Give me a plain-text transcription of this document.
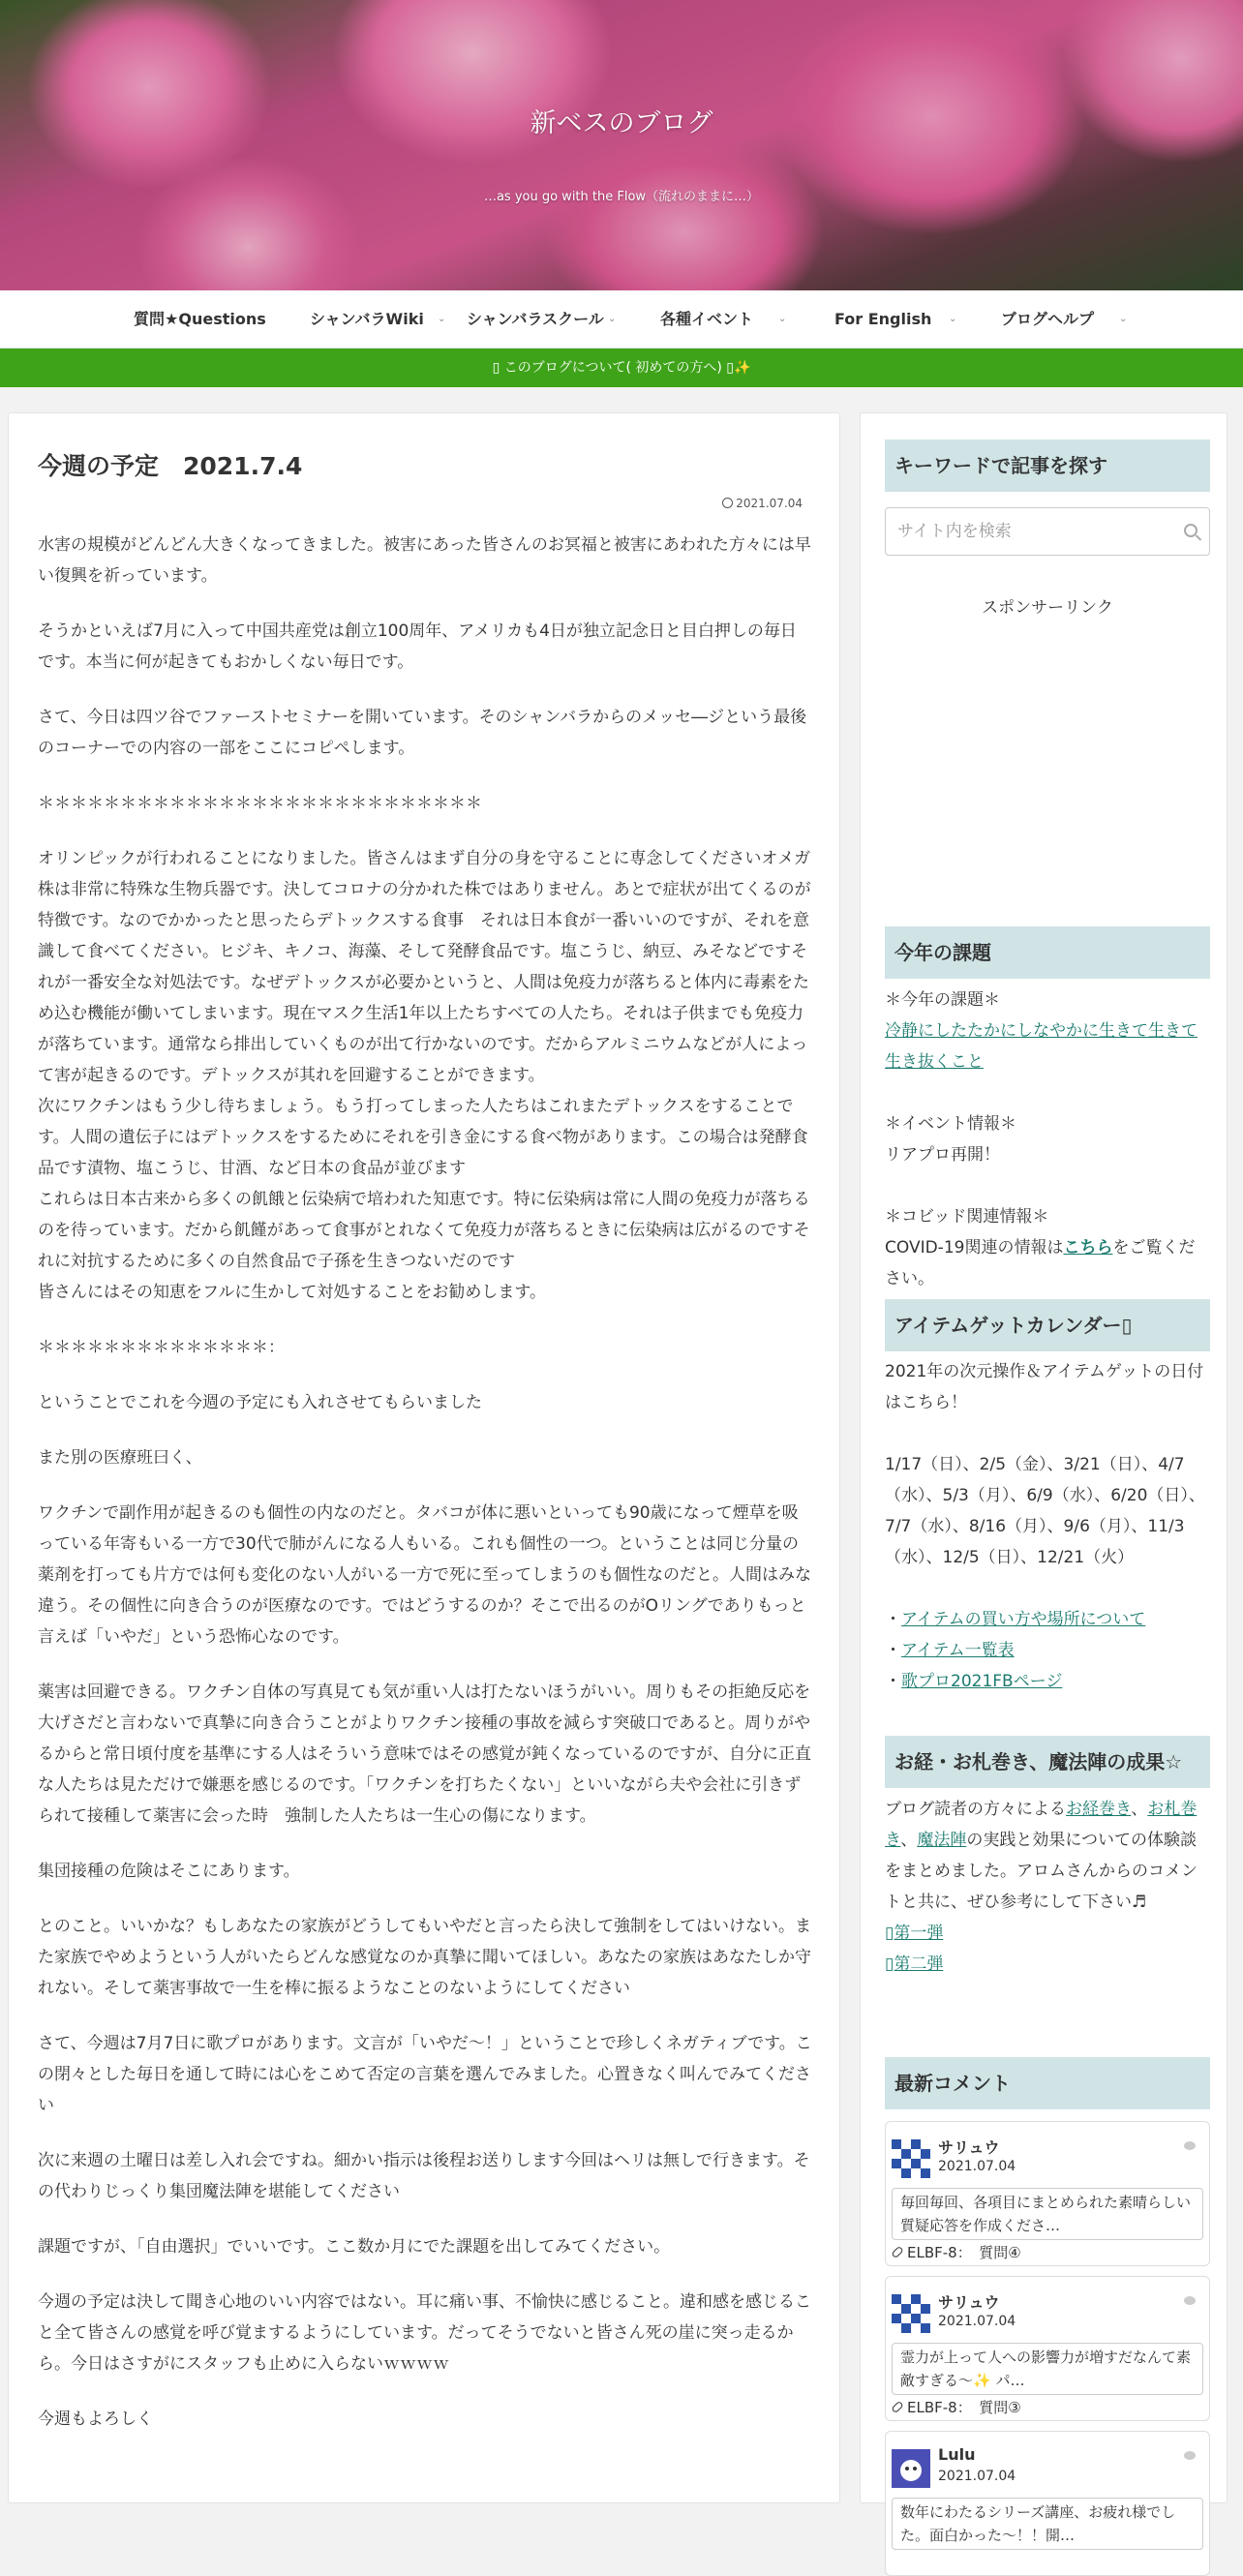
新ベスのブログ
…as you go with the Flow（流れのままに…）
質問★Questions	シャンバラWiki ⌄ シャンバラスクール ⌄	各種イベント	⌄	For English ⌄	ブログヘルプ	⌄
▯ このブログについて( 初めての方へ) ▯✨
今週の予定　2021.7.4
2021.07.04

水害の規模がどんどん大きくなってきました。被害にあった皆さんのお冥福と被害にあわれた方々には早い復興を祈っています。

そうかといえば7月に入って中国共産党は創立100周年、アメリカも4日が独立記念日と目白押しの毎日です。本当に何が起きてもおかしくない毎日です。

さて、今日は四ツ谷でファーストセミナーを開いています。そのシャンバラからのメッセ―ジという最後のコーナーでの内容の一部をここにコピペします。

＊＊＊＊＊＊＊＊＊＊＊＊＊＊＊＊＊＊＊＊＊＊＊＊＊＊＊

オリンピックが行われることになりました。皆さんはまず自分の身を守ることに専念してくださいオメガ株は非常に特殊な生物兵器です。決してコロナの分かれた株ではありません。あとで症状が出てくるのが特徴です。なのでかかったと思ったらデトックスする食事　それは日本食が一番いいのですが、それを意識して食べてください。ヒジキ、キノコ、海藻、そして発酵食品です。塩こうじ、納豆、みそなどですそれが一番安全な対処法です。なぜデトックスが必要かというと、人間は免疫力が落ちると体内に毒素をため込む機能が働いてしまいます。現在マスク生活1年以上たちすべての人たち。それは子供までも免疫力が落ちています。通常なら排出していくものが出て行かないのです。だからアルミニウムなどが人によって害が起きるのです。デトックスが其れを回避することができます。

次にワクチンはもう少し待ちましょう。もう打ってしまった人たちはこれまたデトックスをすることです。人間の遺伝子にはデトックスをするためにそれを引き金にする食べ物があります。この場合は発酵食品です漬物、塩こうじ、甘酒、など日本の食品が並びます

これらは日本古来から多くの飢餓と伝染病で培われた知恵です。特に伝染病は常に人間の免疫力が落ちるのを待っています。だから飢饉があって食事がとれなくて免疫力が落ちるときに伝染病は広がるのですそれに対抗するために多くの自然食品で子孫を生きつないだのです

皆さんにはその知恵をフルに生かして対処することをお勧めします。

＊＊＊＊＊＊＊＊＊＊＊＊＊＊：

ということでこれを今週の予定にも入れさせてもらいました

また別の医療班曰く、

ワクチンで副作用が起きるのも個性の内なのだと。タバコが体に悪いといっても90歳になって煙草を吸っている年寄もいる一方で30代で肺がんになる人もいる。これも個性の一つ。ということは同じ分量の薬剤を打っても片方では何も変化のない人がいる一方で死に至ってしまうのも個性なのだと。人間はみな違う。その個性に向き合うのが医療なのです。ではどうするのか？そこで出るのがOリングでありもっと言えば「いやだ」という恐怖心なのです。

薬害は回避できる。ワクチン自体の写真見ても気が重い人は打たないほうがいい。周りもその拒絶反応を大げさだと言わないで真摯に向き合うことがよりワクチン接種の事故を減らす突破口であると。周りがやるからと常日頃付度を基準にする人はそういう意味ではその感覚が鈍くなっているのですが、自分に正直な人たちは見ただけで嫌悪を感じるのです。「ワクチンを打ちたくない」といいながら夫や会社に引きずられて接種して薬害に会った時　強制した人たちは一生心の傷になります。

集団接種の危険はそこにあります。

とのこと。いいかな？もしあなたの家族がどうしてもいやだと言ったら決して強制をしてはいけない。また家族でやめようという人がいたらどんな感覚なのか真摯に聞いてほしい。あなたの家族はあなたしか守れない。そして薬害事故で一生を棒に振るようなことのないようにしてください

さて、今週は7月7日に歌プロがあります。文言が「いやだ～！」ということで珍しくネガティブです。この閉々とした毎日を通して時には心をこめて否定の言葉を選んでみました。心置きなく叫んでみてください

次に来週の土曜日は差し入れ会ですね。細かい指示は後程お送りします今回はヘリは無しで行きます。その代わりじっくり集団魔法陣を堪能してください

課題ですが、「自由選択」でいいです。ここ数か月にでた課題を出してみてください。

今週の予定は決して聞き心地のいい内容ではない。耳に痛い事、不愉快に感じること。違和感を感じること全て皆さんの感覚を呼び覚まするようにしています。だってそうでないと皆さん死の崖に突っ走るから。今日はさすがにスタッフも止めに入らないｗｗｗｗ

今週もよろしく

キーワードで記事を探す
サイト内を検索
スポンサーリンク
今年の課題

＊今年の課題＊

冷静にしたたかにしなやかに生きて生きて生き抜くこと

＊イベント情報＊

リアプロ再開！

＊コビッド関連情報＊

COVID-19関連の情報はこちらをご覧ください。

アイテムゲットカレンダー▯

2021年の次元操作＆アイテムゲットの日付はこちら！

1/17（日）、2/5（金）、3/21（日）、4/7（水）、5/3（月）、6/9（水）、6/20（日）、7/7（水）、8/16（月）、9/6（月）、11/3（水）、12/5（日）、12/21（火）

・アイテムの買い方や場所について

・アイテム一覧表

・歌プロ2021FBページ

お経・お札巻き、魔法陣の成果☆

ブログ読者の方々によるお経巻き、お札巻き、魔法陣の実践と効果についての体験談をまとめました。アロムさんからのコメントと共に、ぜひ参考にして下さい♬

▯第一弾

▯第二弾

最新コメント
サリュウ
2021.07.04
毎回毎回、各項目にまとめられた素晴らしい質疑応答を作成くださ…
ELBF-8：　質問④
サリュウ
2021.07.04
霊力が上って人への影響力が増すだなんて素敵すぎる〜✨ パ…
ELBF-8：　質問③
Lulu
2021.07.04
数年にわたるシリーズ講座、お疲れ様でした。面白かった〜！！開…
